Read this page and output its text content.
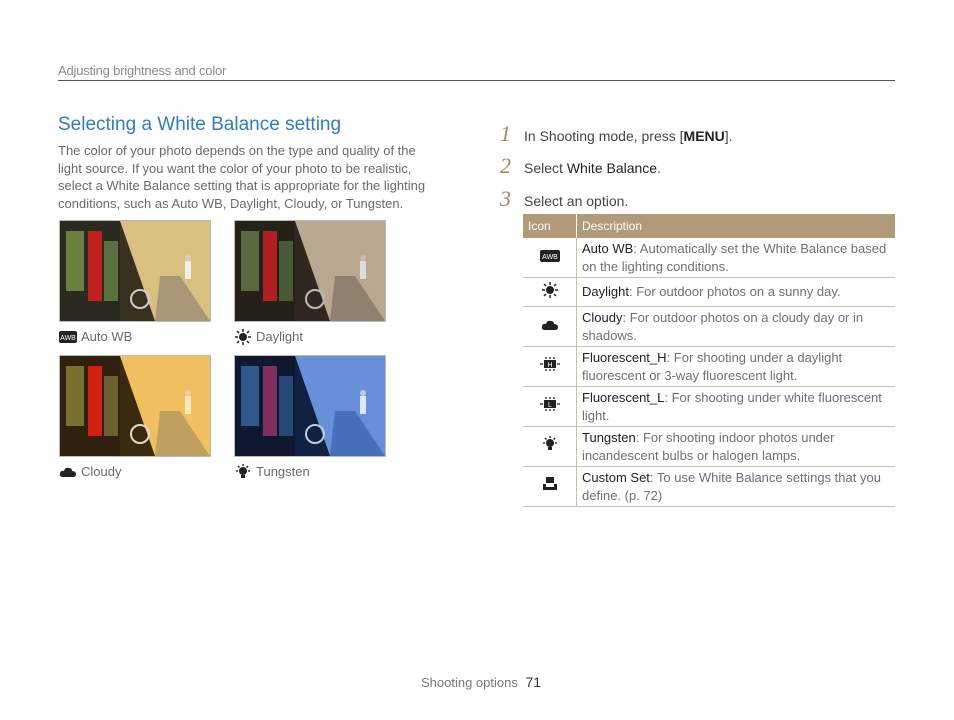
Adjusting brightness and color
Selecting a White Balance setting
The color of your photo depends on the type and quality of the light source. If you want the color of your photo to be realistic, select a White Balance setting that is appropriate for the lighting conditions, such as Auto WB, Daylight, Cloudy, or Tungsten.
AWB Auto WB	Daylight
Cloudy	Tungsten
1 In Shooting mode, press [MENU].
2 Select White Balance.
3 Select an option.
Icon	Description

AWB	Auto WB: Automatically set the White Balance based on the lighting conditions.
	Daylight: For outdoor photos on a sunny day.
	Cloudy: For outdoor photos on a cloudy day or in shadows.

H	Fluorescent_H: For shooting under a daylight fluorescent or 3-way fluorescent light.

L	Fluorescent_L: For shooting under white fluorescent light.
	Tungsten: For shooting indoor photos under incandescent bulbs or halogen lamps.
	Custom Set: To use White Balance settings that you define. (p. 72)
Shooting options 71
